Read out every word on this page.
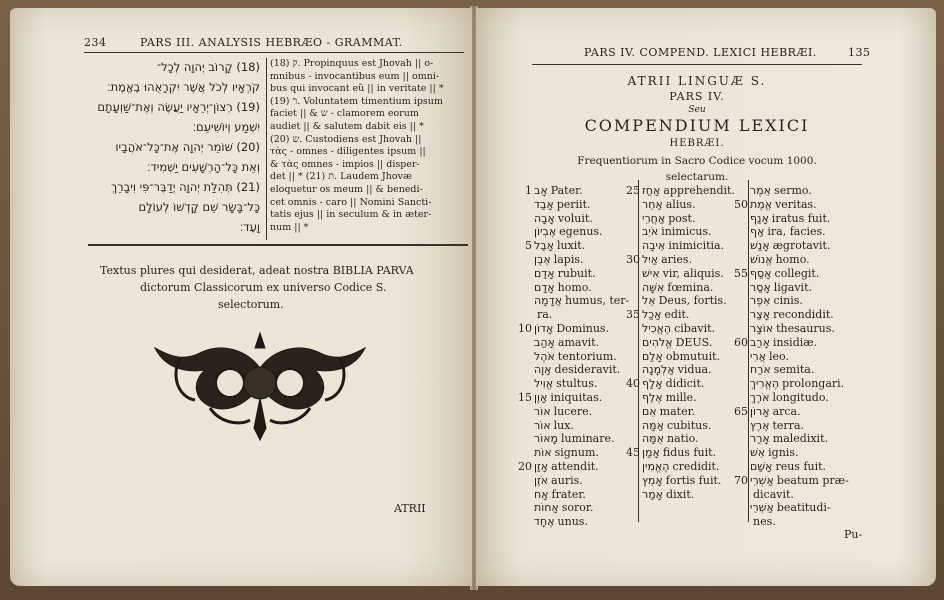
234	PARS III. ANALYSIS HEBRÆO - GRAMMAT.
(18) קָרוֹב יְהוָה לְכָל־
קֹרְאָיו לְכֹל אֲשֶׁר יִקְרָאֻהוּ בֶאֱמֶת׃
(19) רְצוֹן־יְרֵאָיו יַעֲשֶׂה וְאֶת־שַׁוְעָתָם
יִשְׁמַע וְיוֹשִׁיעֵם׃
(20) שׁוֹמֵר יְהוָה אֶת־כָּל־אֹהֲבָיו
וְאֵת כָּל־הָרְשָׁעִים יַשְׁמִיד׃
(21) תְּהִלַּת יְהוָה יְדַבֶּר־פִּי וִיבָרֵךְ
כָּל־בָּשָׂר שֵׁם קָדְשׁוֹ לְעוֹלָם
וָעֶד׃
(18) ק. Propinquus est Jhovah || o-
mnibus - invocantibus eum || omni-
bus qui invocant eũ || in veritate || *
(19) ר. Voluntatem timentium ipsum
faciet || & ש - clamorem eorum
audiet || & salutem dabit eis || *
(20) ש. Custodiens est Jhovah ||
τὰς - omnes - diligentes ipsum ||
& τὰς omnes - impios || disper-
det || * (21) ת. Laudem Jhovæ
eloquetur os meum || & benedi-
cet omnis - caro || Nomini Sancti-
tatis ejus || in seculum & in æter-
num || *
Textus plures qui desiderat, adeat nostra BIBLIA PARVA
dictorum Classicorum ex universo Codice S.
selectorum.
ATRII
PARS IV. COMPEND. LEXICI HEBRÆI.	135
ATRII LINGUÆ S.
PARS IV.
Seu
COMPENDIUM LEXICI
HEBRÆI.
Frequentiorum in Sacro Codice vocum 1000.
selectarum.
1 אָב Pater.
אָבַד periit.
אָבָה voluit.
אֶבְיוֹן egenus.
5 אָבַל luxit.
אֶבֶן lapis.
אָדַם rubuit.
אָדָם homo.
אֲדָמָה humus, ter-
ra.
10 אָדוֹן Dominus.
אָהַב amavit.
אֹהֶל tentorium.
אָוָה desideravit.
אֱוִיל stultus.
15 אָוֶן iniquitas.
אוֹר lucere.
אוֹר lux.
מָאוֹר luminare.
אוֹת signum.
20 אָזַן attendit.
אֹזֶן auris.
אָח frater.
אָחוֹת soror.
אֶחָד unus.
25 אָחַז apprehendit.
אַחֵר alius.
אַחֲרֵי post.
אֹיֵב inimicus.
אֵיבָה inimicitia.
30 אַיִל aries.
אִישׁ vir, aliquis.
אִשָּׁה fœmina.
אֵל Deus, fortis.
35 אָכַל edit.
הֶאֱכִיל cibavit.
אֱלֹהִים DEUS.
אָלַם obmutuit.
אַלְמָנָה vidua.
40 אָלַף didicit.
אֶלֶף mille.
אֵם mater.
אַמָּה cubitus.
אֻמָּה natio.
45 אָמַן fidus fuit.
הֶאֱמִין credidit.
אָמֵץ fortis fuit.
אָמַר dixit.
אֵמֶר sermo.
50 אֱמֶת veritas.
אָנַף iratus fuit.
אַף ira, facies.
אָנַשׁ ægrotavit.
אֱנוֹשׁ homo.
55 אָסַף collegit.
אָסַר ligavit.
אֵפֶר cinis.
אָצַר recondidit.
אוֹצָר thesaurus.
60 אָרַב insidiæ.
אֲרִי leo.
אֹרַח semita.
הֶאֱרִיךְ prolongari.
אֹרֶךְ longitudo.
65 אָרוֹן arca.
אֶרֶץ terra.
אָרַר maledixit.
אֵשׁ ignis.
אָשַׁם reus fuit.
70 אַשְׁרֵי beatum præ-
dicavit.
אַשְׁרֵי beatitudi-
nes.
Pu-
